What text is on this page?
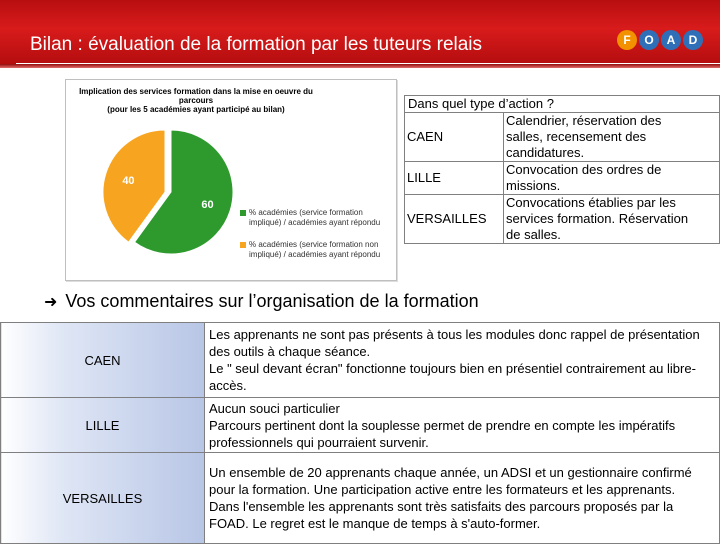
Bilan : évaluation de la formation par les tuteurs relais	F	O	A	D
Implication des services formation dans la mise en oeuvre du
parcours
(pour les 5 académies ayant participé au bilan)
60
40
% académies (service formation impliqué) / académies ayant répondu
% académies (service formation non impliqué) / académies ayant répondu
Dans quel type d’action ?	
CAEN	Calendrier, réservation des
salles, recensement des
candidatures.

LILLE	Convocation des ordres de
missions.

VERSAILLES	Convocations établies par les
services formation. Réservation
de salles.
➜ Vos commentaires sur l’organisation de la formation
CAEN	Les apprenants ne sont pas présents à tous les modules donc rappel de présentation des outils à chaque séance.

Le " seul devant écran" fonctionne toujours bien en présentiel contrairement au libre-accès.

LILLE	Aucun souci particulier

Parcours pertinent dont la souplesse permet de prendre en compte les impératifs professionnels qui pourraient survenir.

VERSAILLES	Un ensemble de 20 apprenants chaque année, un ADSI et un gestionnaire confirmé pour la formation. Une participation active entre les formateurs et les apprenants.

Dans l'ensemble les apprenants sont très satisfaits des parcours proposés par la FOAD. Le regret est le manque de temps à s'auto-former.
